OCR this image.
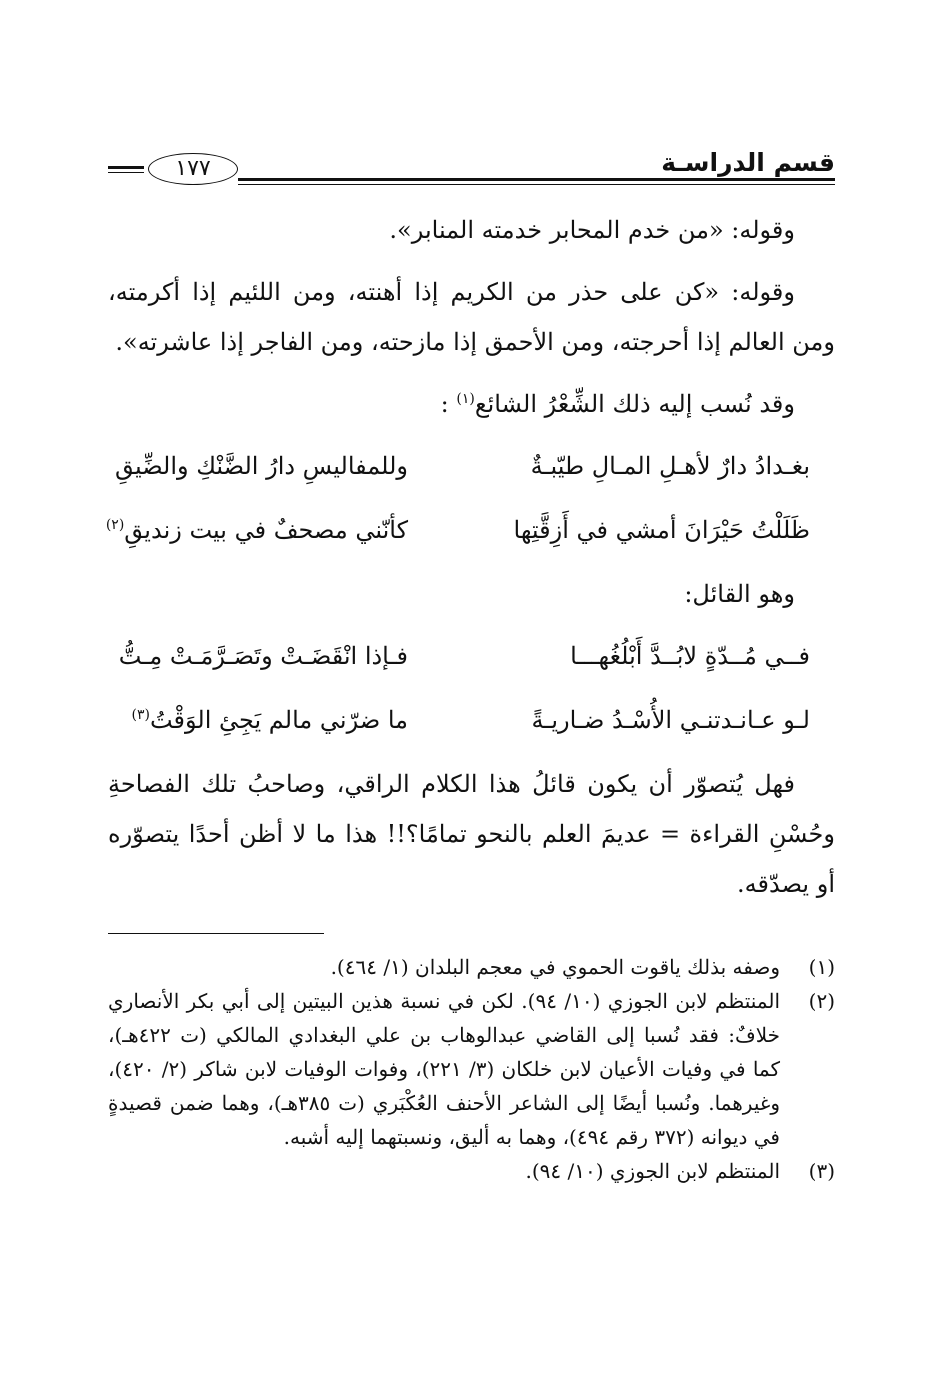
قسم الدراسـة
١٧٧

وقوله: «من خدم المحابر خدمته المنابر».

وقوله: «كن على حذر من الكريم إذا أهنته، ومن اللئيم إذا أكرمته، ومن العالم إذا أحرجته، ومن الأحمق إذا مازحته، ومن الفاجر إذا عاشرته».

وقد نُسب إليه ذلك الشِّعْرُ الشائع$^{(١)}$ :

بغـدادُ دارٌ لأهـلِ المـالِ طيّبـةٌ
وللمفاليسِ دارُ الضَّنْكِ والضِّيقِ
ظَلَلْتُ حَيْرَانَ أمشي في أَزِقَّتِها
كأنّني مصحفٌ في بيت زنديقِ$^{(٢)}$

وهو القائل:

فــي مُــدّةٍ لابُــدَّ أَبْلُغُهـــا
فـإذا انْقَضَـتْ وتَصَـرَّمَـتْ مِـتُّ
لـو عـانـدتنـي الأُسْـدُ ضـاريـةً
ما ضرّني مالم يَجِئِ الوَقْتُ$^{(٣)}$

فهل يُتصوّر أن يكون قائلُ هذا الكلام الراقي، وصاحبُ تلك الفصاحةِ وحُسْنِ القراءة = عديمَ العلم بالنحو تمامًا؟!! هذا ما لا أظن أحدًا يتصوّره أو يصدّقه.

(١)
وصفه بذلك ياقوت الحموي في معجم البلدان (١/ ٤٦٤).
(٢)
المنتظم لابن الجوزي (١٠/ ٩٤). لكن في نسبة هذين البيتين إلى أبي بكر الأنصاري خلافٌ: فقد نُسبا إلى القاضي عبدالوهاب بن علي البغدادي المالكي (ت ٤٢٢هـ)، كما في وفيات الأعيان لابن خلكان (٣/ ٢٢١)، وفوات الوفيات لابن شاكر (٢/ ٤٢٠)، وغيرهما. ونُسبا أيضًا إلى الشاعر الأحنف العُكْبَري (ت ٣٨٥هـ)، وهما ضمن قصيدةٍ في ديوانه (٣٧٢ رقم ٤٩٤)، وهما به أليق، ونسبتهما إليه أشبه.
(٣)
المنتظم لابن الجوزي (١٠/ ٩٤).
